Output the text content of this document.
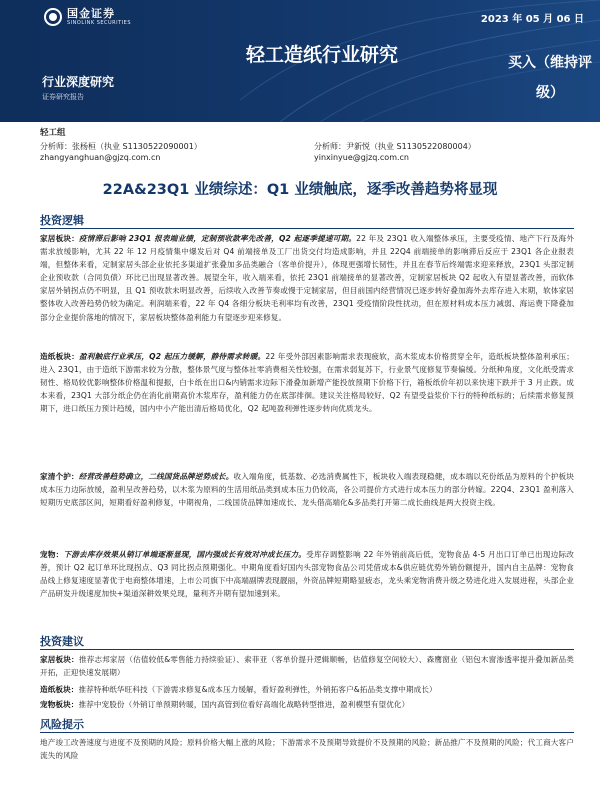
国金证券
SINOLINK SECURITIES	2023 年 05 月 06 日
轻工造纸行业研究	买入（维持评级）
行业深度研究
证券研究报告
轻工组
分析师：张杨桓（执业 S1130522090001）
zhangyanghuan@gjzq.com.cn
分析师：尹新悦（执业 S1130522080004）
yinxinyue@gjzq.com.cn
22A&23Q1 业绩综述：Q1 业绩触底，逐季改善趋势将显现
投资逻辑
家居板块：疫情滞后影响 23Q1 报表端业绩，定制预收款率先改善，Q2 起逐季提速可期。22 年及 23Q1 收入端整体承压，主要受疫情、地产下行及海外需求放缓影响，尤其 22 年 12 月疫情集中爆发后对 Q4 前端接单及工厂出货交付均造成影响，并且 22Q4 前端接单的影响滞后反应于 23Q1 各企业报表端，但整体来看，定制家居头部企业依托多渠道扩张叠加多品类融合（客单价提升），体现更强增长韧性，并且在春节后终端需求迎来释放，23Q1 头部定制企业预收款（合同负债）环比已出现显著改善。展望全年，收入端来看，依托 23Q1 前端接单的显著改善，定制家居板块 Q2 起收入有望显著改善，而软体家居外销拐点仍不明显，且 Q1 预收款未明显改善，后续收入改善节奏或慢于定制家居，但目前国内经营情况已逐步转好叠加海外去库存进入末期，软体家居整体收入改善趋势仍较为确定。利润端来看，22 年 Q4 各细分板块毛利率均有改善，23Q1 受疫情阶段性扰动，但在原材料成本压力减弱、海运费下降叠加部分企业提价落地的情况下，家居板块整体盈利能力有望逐步迎来修复。
造纸板块：盈利触底行业承压，Q2 起压力缓解，静待需求转暖。22 年受外部因素影响需求表现疲软，高木浆成本价格贯穿全年，造纸板块整体盈利承压；进入 23Q1，由于造纸下游需求较为分散，整体景气度与整体社零消费相关性较强，在需求弱复苏下，行业景气度修复节奏偏缓。分纸种角度，文化纸受需求韧性、格局较优影响整体价格温和提振，白卡纸在出口&内销需求边际下滑叠加新增产能投放预期下价格下行，箱板纸价年初以来快速下跌并于 3 月止跌。成本来看，23Q1 大部分纸企仍在消化前期高价木浆库存，盈利能力仍在底部徘徊。建议关注格局较好、Q2 有望受益浆价下行的特种纸标的；后续需求修复预期下，进口纸压力预计趋缓，国内中小产能出清后格局优化，Q2 起吨盈利弹性逐步转向优质龙头。
家清个护：经营改善趋势确立，二线国货品牌逆势成长。收入端角度，低基数、必选消费属性下，板块收入端表现稳健，成本端以充份纸品为原料的个护板块成本压力边际放缓，盈利呈改善趋势，以木浆为原料的生活用纸品类到成本压力仍较高，各公司提价方式进行成本压力的部分转嫁。22Q4、23Q1 盈利落入短期历史底部区间，短期看好盈利修复，中期视角，二线国货品牌加速成长、龙头借高端化&多品类打开第二成长曲线是两大投资主线。
宠物：下游去库存效果从销订单端逐渐显现，国内强成长有效对冲成长压力。受库存调整影响 22 年外销前高后低，宠物食品 4-5 月出口订单已出现边际改善，预计 Q2 起订单环比现拐点、Q3 同比拐点预期强化。中期角度看好国内头部宠物食品公司凭借成本&供应链优势外销份额提升，国内自主品牌：宠物食品线上修复速度显著优于电商整体增速，上市公司旗下中高端副牌表现靓丽，外资品牌短期略显疲态，龙头乘宠物消费升级之势进化进入发展进程，头部企业产品研发升级速度加快+渠道深耕效果兑现，量利齐升期有望加速到来。
投资建议
家居板块：推荐志邦家居（估值较低&零售能力持续验证）、索菲亚（客单价提升逻辑顺畅，估值修复空间较大）、森鹰窗业（铝包木窗渗透率提升叠加新品类开拓，正迎快速发展期）
造纸板块：推荐特种纸华旺科技（下游需求修复&成本压力缓解，看好盈利弹性，外销拓客户&拓品类支撑中期成长）
宠物板块：推荐中宠股份（外销订单预期转暖，国内高管到位看好高端化战略转型推进，盈利模型有望优化）
风险提示
地产竣工改善速度与进度不及预期的风险；原料价格大幅上涨的风险；下游需求不及预期导致提价不及预期的风险；新品推广不及预期的风险；代工商大客户流失的风险
